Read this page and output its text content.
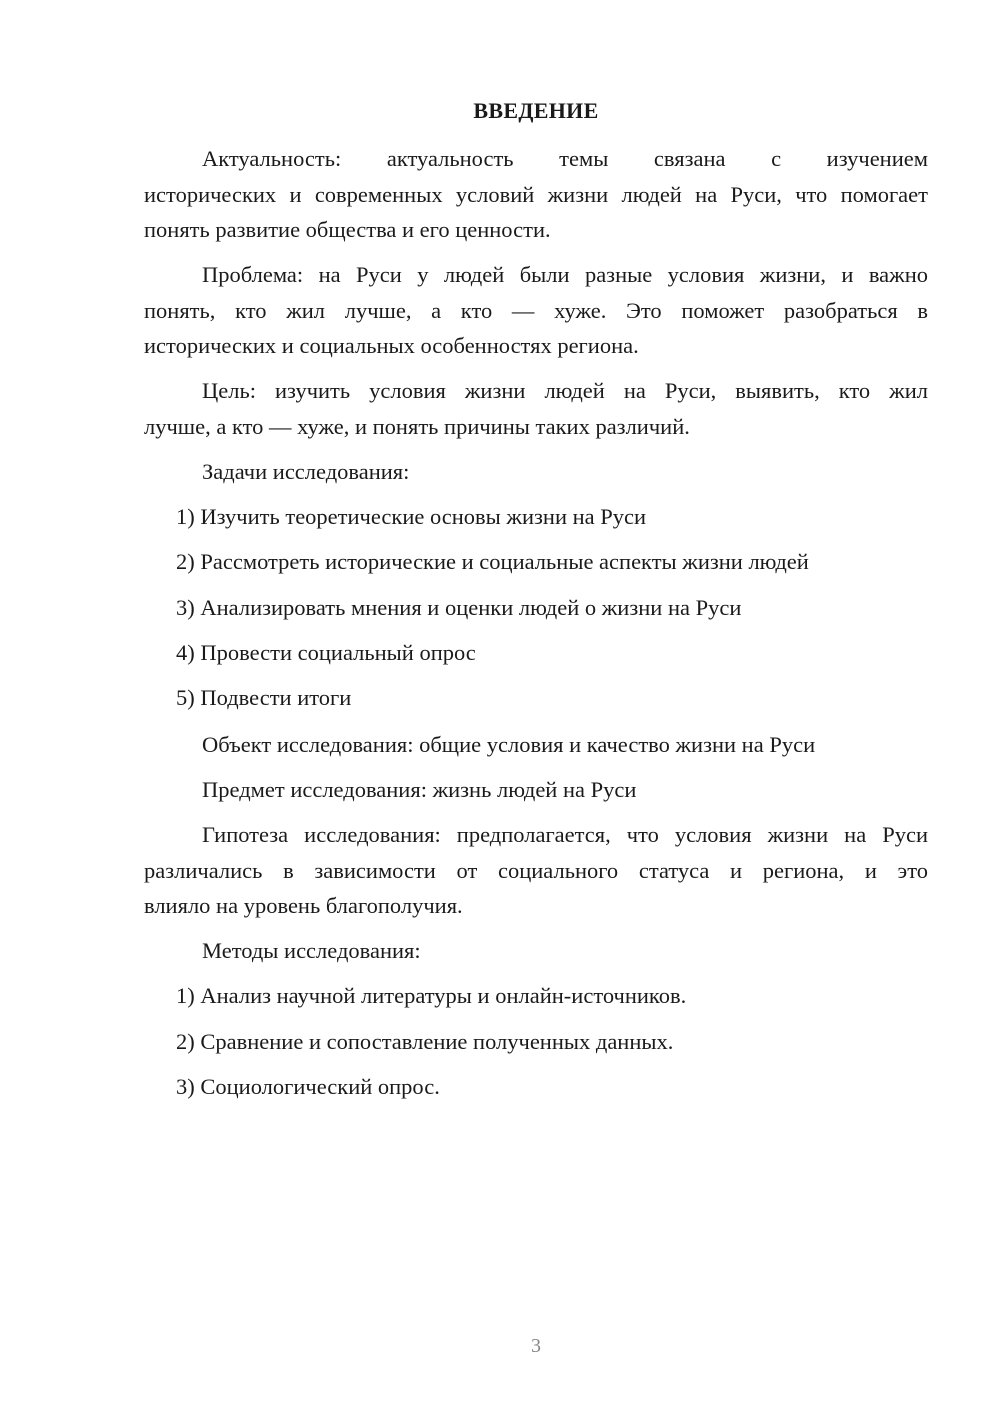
ВВЕДЕНИЕ
Актуальность: актуальность темы связана с изучением
исторических и современных условий жизни людей на Руси, что помогает
понять развитие общества и его ценности.
Проблема: на Руси у людей были разные условия жизни, и важно
понять, кто жил лучше, а кто — хуже. Это поможет разобраться в
исторических и социальных особенностях региона.
Цель: изучить условия жизни людей на Руси, выявить, кто жил
лучше, а кто — хуже, и понять причины таких различий.
Задачи исследования:
1) Изучить теоретические основы жизни на Руси
2) Рассмотреть исторические и социальные аспекты жизни людей
3) Анализировать мнения и оценки людей о жизни на Руси
4) Провести социальный опрос
5) Подвести итоги
Объект исследования: общие условия и качество жизни на Руси
Предмет исследования: жизнь людей на Руси
Гипотеза исследования: предполагается, что условия жизни на Руси
различались в зависимости от социального статуса и региона, и это
влияло на уровень благополучия.
Методы исследования:
1) Анализ научной литературы и онлайн-источников.
2) Сравнение и сопоставление полученных данных.
3) Социологический опрос.
3
